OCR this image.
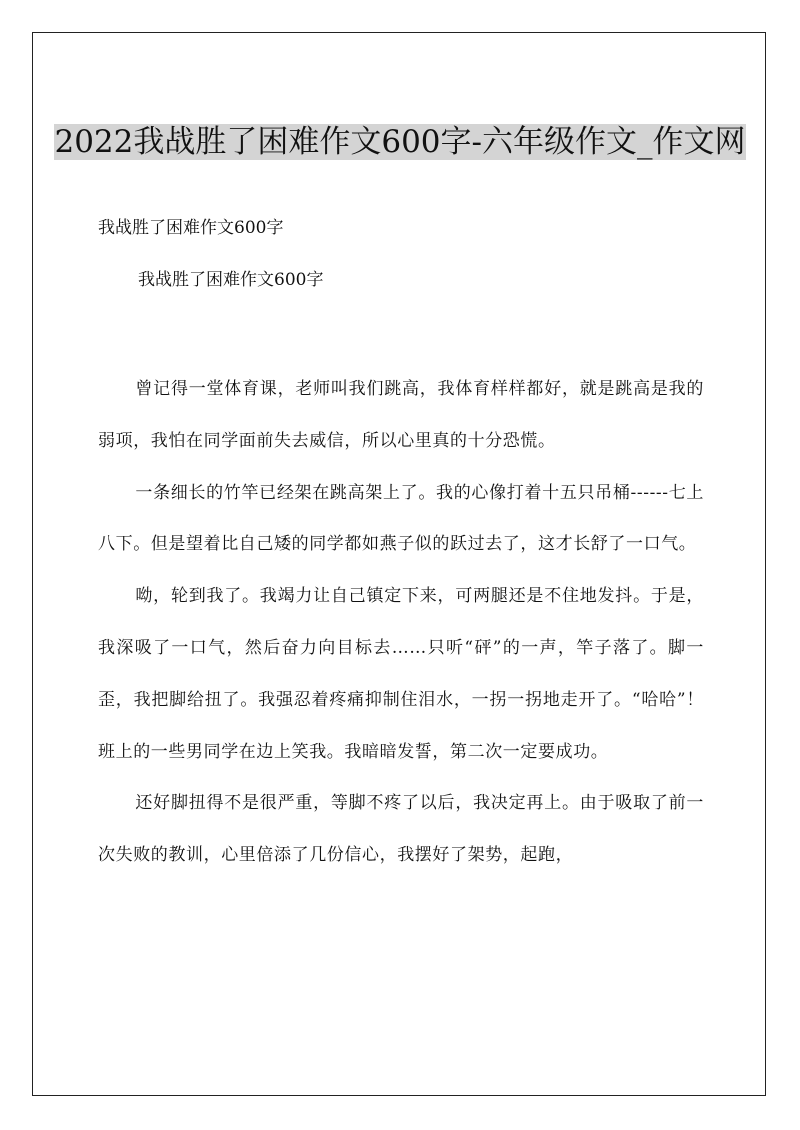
2022我战胜了困难作文600字-六年级作文_作文网
我战胜了困难作文600字
我战胜了困难作文600字

曾记得一堂体育课，老师叫我们跳高，我体育样样都好，就是跳高是我的弱项，我怕在同学面前失去威信，所以心里真的十分恐慌。

一条细长的竹竿已经架在跳高架上了。我的心像打着十五只吊桶------七上八下。但是望着比自己矮的同学都如燕子似的跃过去了，这才长舒了一口气。

呦，轮到我了。我竭力让自己镇定下来，可两腿还是不住地发抖。于是，我深吸了一口气，然后奋力向目标去……只听“砰”的一声，竿子落了。脚一歪，我把脚给扭了。我强忍着疼痛抑制住泪水，一拐一拐地走开了。“哈哈”！班上的一些男同学在边上笑我。我暗暗发誓，第二次一定要成功。

还好脚扭得不是很严重，等脚不疼了以后，我决定再上。由于吸取了前一次失败的教训，心里倍添了几份信心，我摆好了架势，起跑，
